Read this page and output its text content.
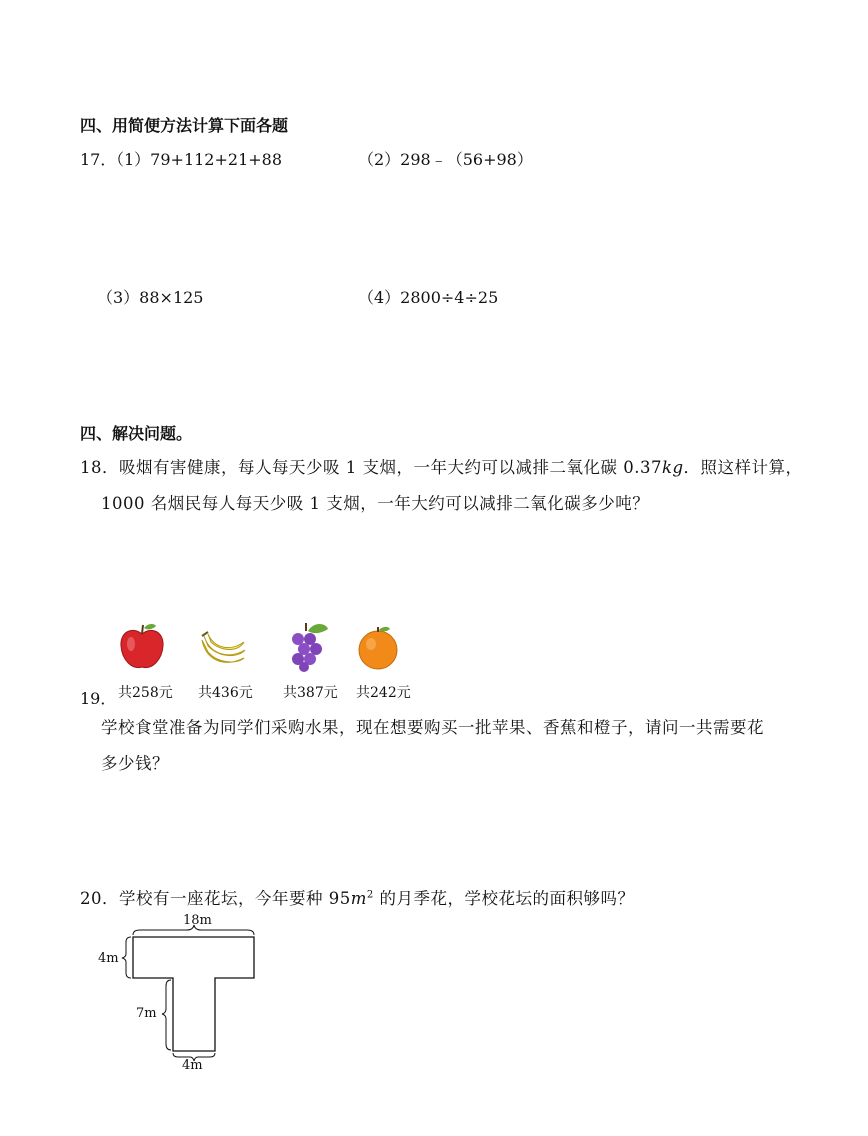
四、用简便方法计算下面各题
17．
（1）79+112+21+88	（2）298﹣（56+98）
（3）88×125	（4）2800÷4÷25
四、解决问题。
18．吸烟有害健康，每人每天少吸 1 支烟，一年大约可以减排二氧化碳 0.37kg．照这样计算，
1000 名烟民每人每天少吸 1 支烟，一年大约可以减排二氧化碳多少吨？
共258元 共436元 共387元 共242元
19．
学校食堂准备为同学们采购水果，现在想要购买一批苹果、香蕉和橙子，请问一共需要花
多少钱？
20．学校有一座花坛，今年要种 $95m^2$ 的月季花，学校花坛的面积够吗？
18m
4m
7m
4m
